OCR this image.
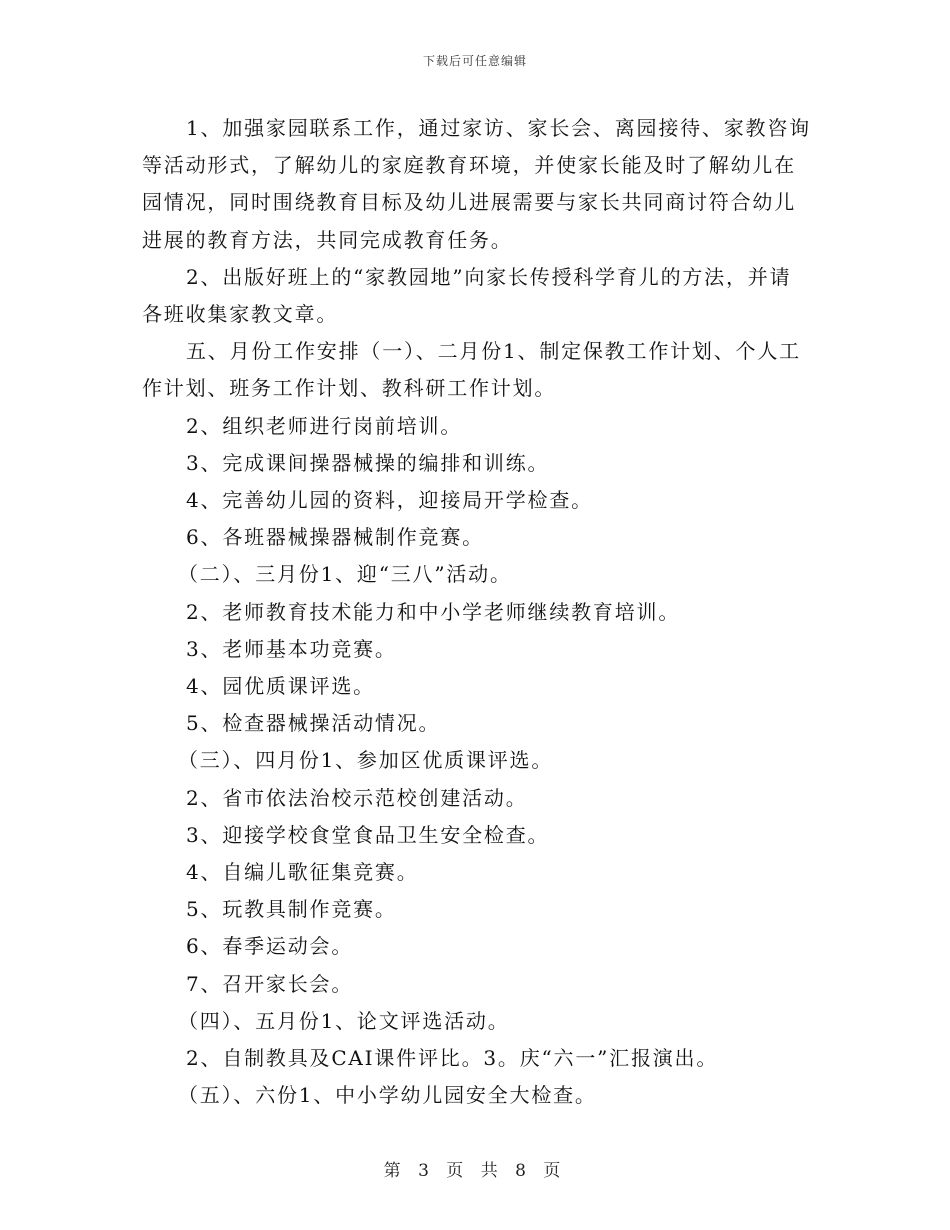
下载后可任意编辑

1、加强家园联系工作，通过家访、家长会、离园接待、家教咨询等活动形式，了解幼儿的家庭教育环境，并使家长能及时了解幼儿在园情况，同时围绕教育目标及幼儿进展需要与家长共同商讨符合幼儿进展的教育方法，共同完成教育任务。

2、出版好班上的“家教园地”向家长传授科学育儿的方法，并请各班收集家教文章。

五、月份工作安排（一）、二月份1、制定保教工作计划、个人工作计划、班务工作计划、教科研工作计划。

2、组织老师进行岗前培训。

3、完成课间操器械操的编排和训练。

4、完善幼儿园的资料，迎接局开学检查。

6、各班器械操器械制作竞赛。

（二）、三月份1、迎“三八”活动。

2、老师教育技术能力和中小学老师继续教育培训。

3、老师基本功竞赛。

4、园优质课评选。

5、检查器械操活动情况。

（三）、四月份1、参加区优质课评选。

2、省市依法治校示范校创建活动。

3、迎接学校食堂食品卫生安全检查。

4、自编儿歌征集竞赛。

5、玩教具制作竞赛。

6、春季运动会。

7、召开家长会。

（四）、五月份1、论文评选活动。

2、自制教具及CAI课件评比。3。庆“六一”汇报演出。

（五）、六份1、中小学幼儿园安全大检查。

第 3 页 共 8 页
